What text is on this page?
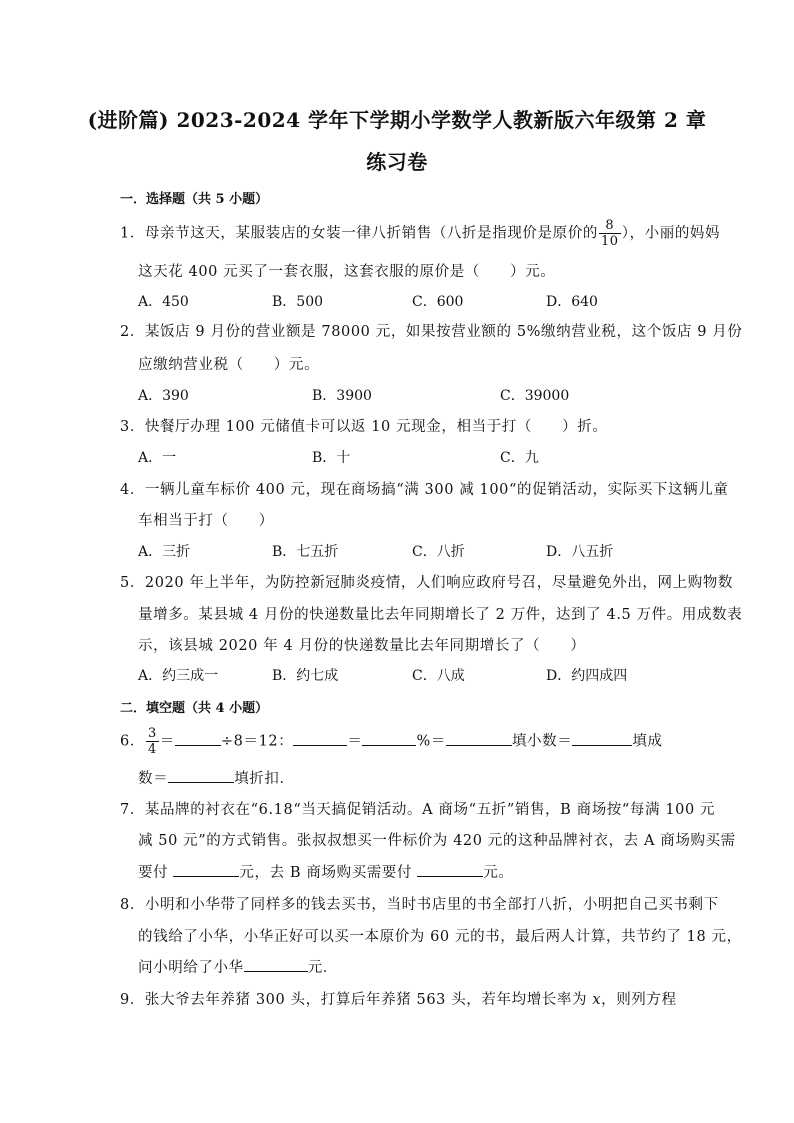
(进阶篇) 2023-2024 学年下学期小学数学人教新版六年级第 2 章
练习卷
一．选择题（共 5 小题）
1．母亲节这天，某服装店的女装一律八折销售（八折是指现价是原价的 $\frac{8}{10}$ ），小丽的妈妈
这天花 400 元买了一套衣服，这套衣服的原价是（　　）元。
A．450	B．500	C．600	D．640
2．某饭店 9 月份的营业额是 78000 元，如果按营业额的 5%缴纳营业税，这个饭店 9 月份
应缴纳营业税（　　）元。
A．390	B．3900	C．39000
3．快餐厅办理 100 元储值卡可以返 10 元现金，相当于打（　　）折。
A．一	B．十	C．九
4．一辆儿童车标价 400 元，现在商场搞“满 300 减 100“的促销活动，实际买下这辆儿童
车相当于打（　　）
A．三折	B．七五折	C．八折	D．八五折
5．2020 年上半年，为防控新冠肺炎疫情，人们响应政府号召，尽量避免外出，网上购物数
量增多。某县城 4 月份的快递数量比去年同期增长了 2 万件，达到了 4.5 万件。用成数表
示，该县城 2020 年 4 月份的快递数量比去年同期增长了（　　）
A．约三成一	B．约七成	C．八成	D．约四成四
二．填空题（共 4 小题）
6． $\frac{3}{4}$ ＝	÷8＝12：	＝	%＝	填小数＝	填成
数＝	填折扣．
7．某品牌的衬衣在“6.18“当天搞促销活动。A 商场“五折”销售，B 商场按“每满 100 元
减 50 元”的方式销售。张叔叔想买一件标价为 420 元的这种品牌衬衣，去 A 商场购买需
要付	元，去 B 商场购买需要付	元。
8．小明和小华带了同样多的钱去买书，当时书店里的书全部打八折，小明把自己买书剩下
的钱给了小华，小华正好可以买一本原价为 60 元的书，最后两人计算，共节约了 18 元，
问小明给了小华	元．
9．张大爷去年养猪 300 头，打算后年养猪 563 头，若年均增长率为 x，则列方程
